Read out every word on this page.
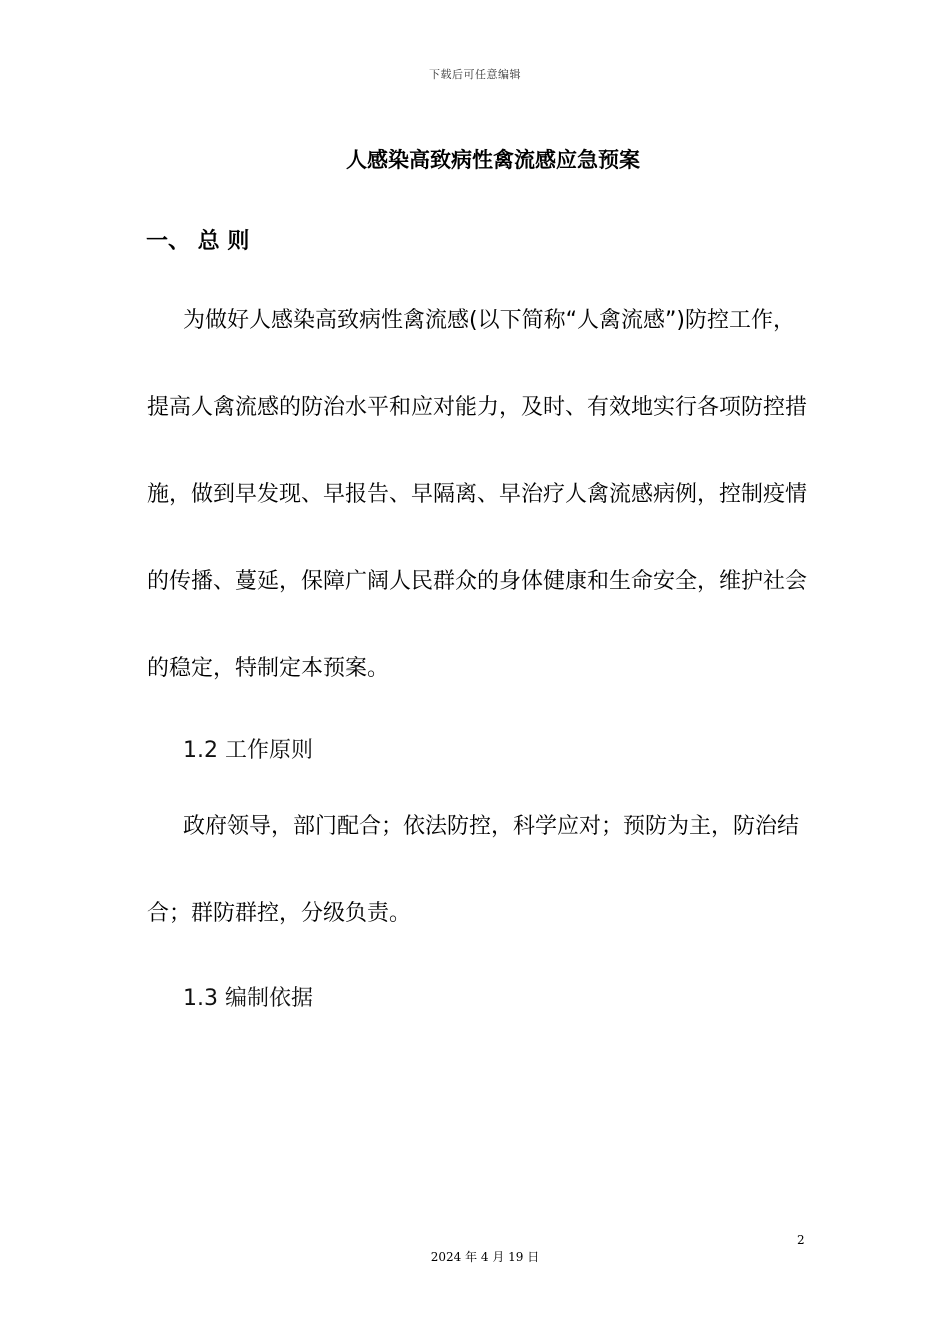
下载后可任意编辑
人感染高致病性禽流感应急预案
一、 总 则
为做好人感染高致病性禽流感(以下简称“人禽流感”)防控工作，提高人禽流感的防治水平和应对能力，及时、有效地实行各项防控措施，做到早发现、早报告、早隔离、早治疗人禽流感病例，控制疫情的传播、蔓延，保障广阔人民群众的身体健康和生命安全，维护社会的稳定，特制定本预案。
1.2 工作原则
政府领导，部门配合；依法防控，科学应对；预防为主，防治结合；群防群控，分级负责。
1.3 编制依据
2
2024 年 4 月 19 日
